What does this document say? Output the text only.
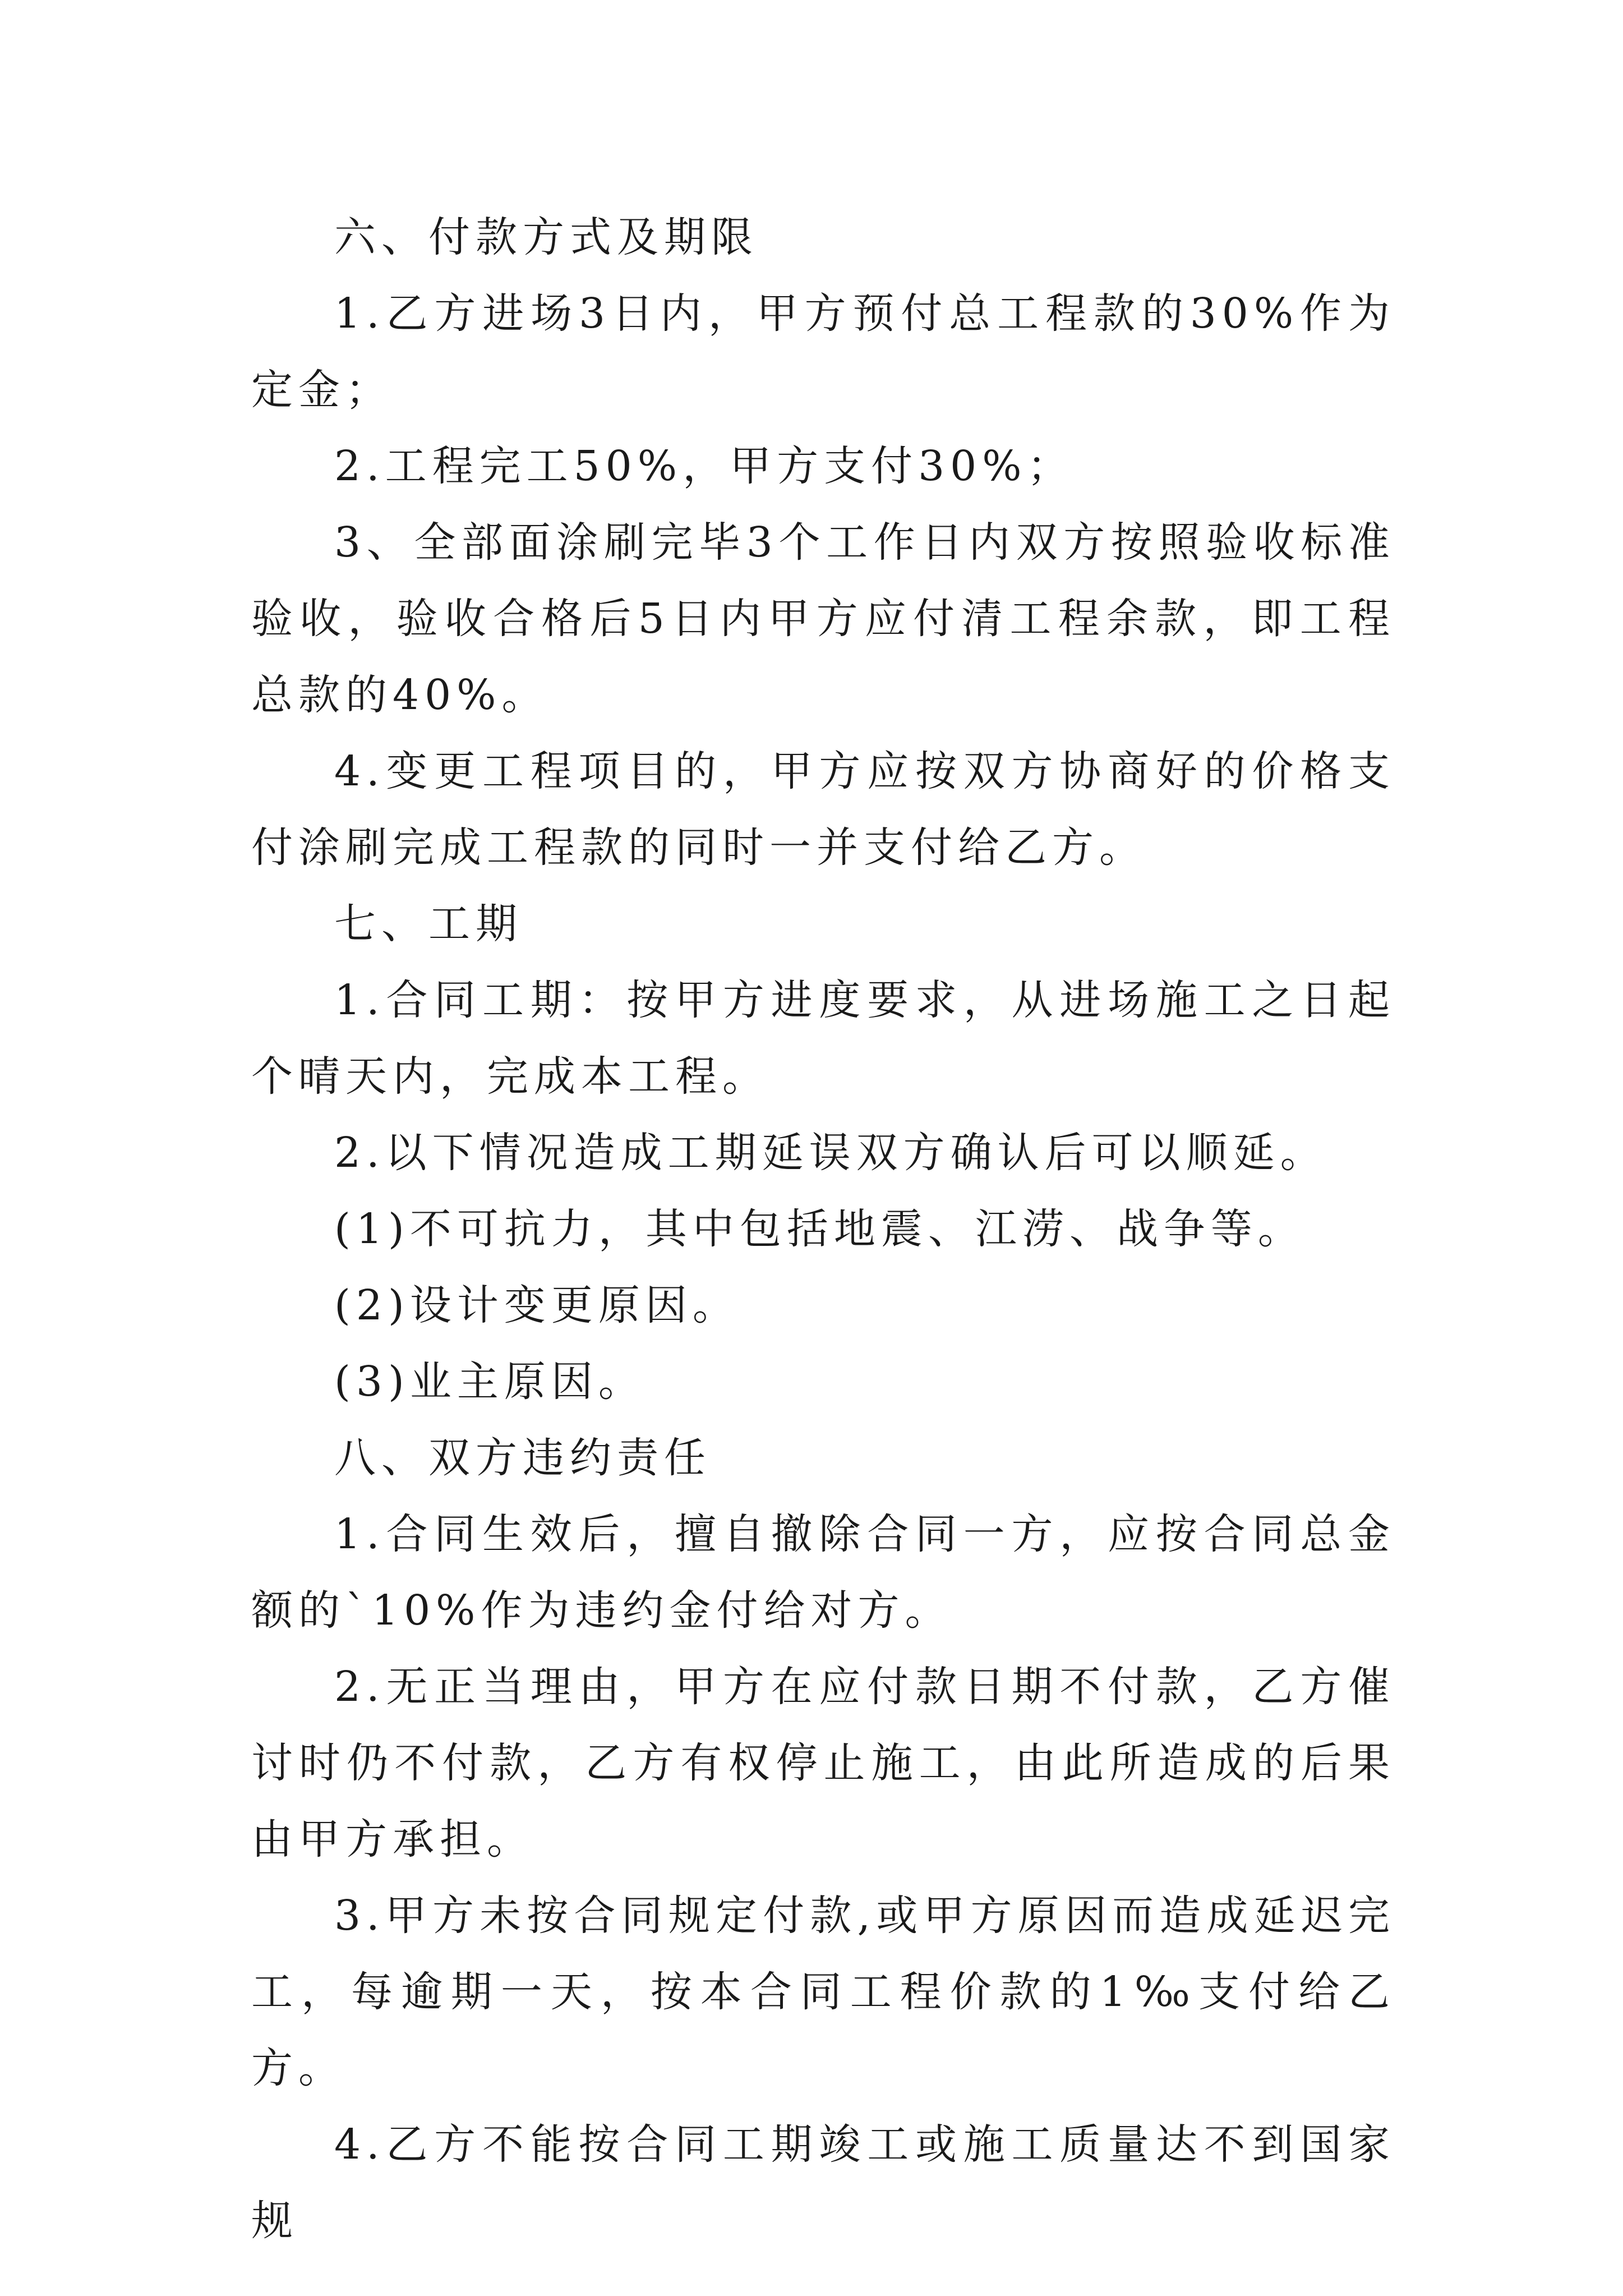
六、付款方式及期限

1.乙方进场3日内，甲方预付总工程款的30%作为定金；

2.工程完工50%，甲方支付30%；

3、全部面涂刷完毕3个工作日内双方按照验收标准验收，验收合格后5日内甲方应付清工程余款，即工程总款的40%。

4.变更工程项目的，甲方应按双方协商好的价格支付涂刷完成工程款的同时一并支付给乙方。

七、工期

1.合同工期：按甲方进度要求，从进场施工之日起个晴天内，完成本工程。

2.以下情况造成工期延误双方确认后可以顺延。

(1)不可抗力，其中包括地震、江涝、战争等。

(2)设计变更原因。

(3)业主原因。

八、双方违约责任

1.合同生效后，擅自撤除合同一方，应按合同总金额的`10%作为违约金付给对方。

2.无正当理由，甲方在应付款日期不付款，乙方催讨时仍不付款，乙方有权停止施工，由此所造成的后果由甲方承担。

3.甲方未按合同规定付款,或甲方原因而造成延迟完工，每逾期一天，按本合同工程价款的1‰支付给乙方。

4.乙方不能按合同工期竣工或施工质量达不到国家规
